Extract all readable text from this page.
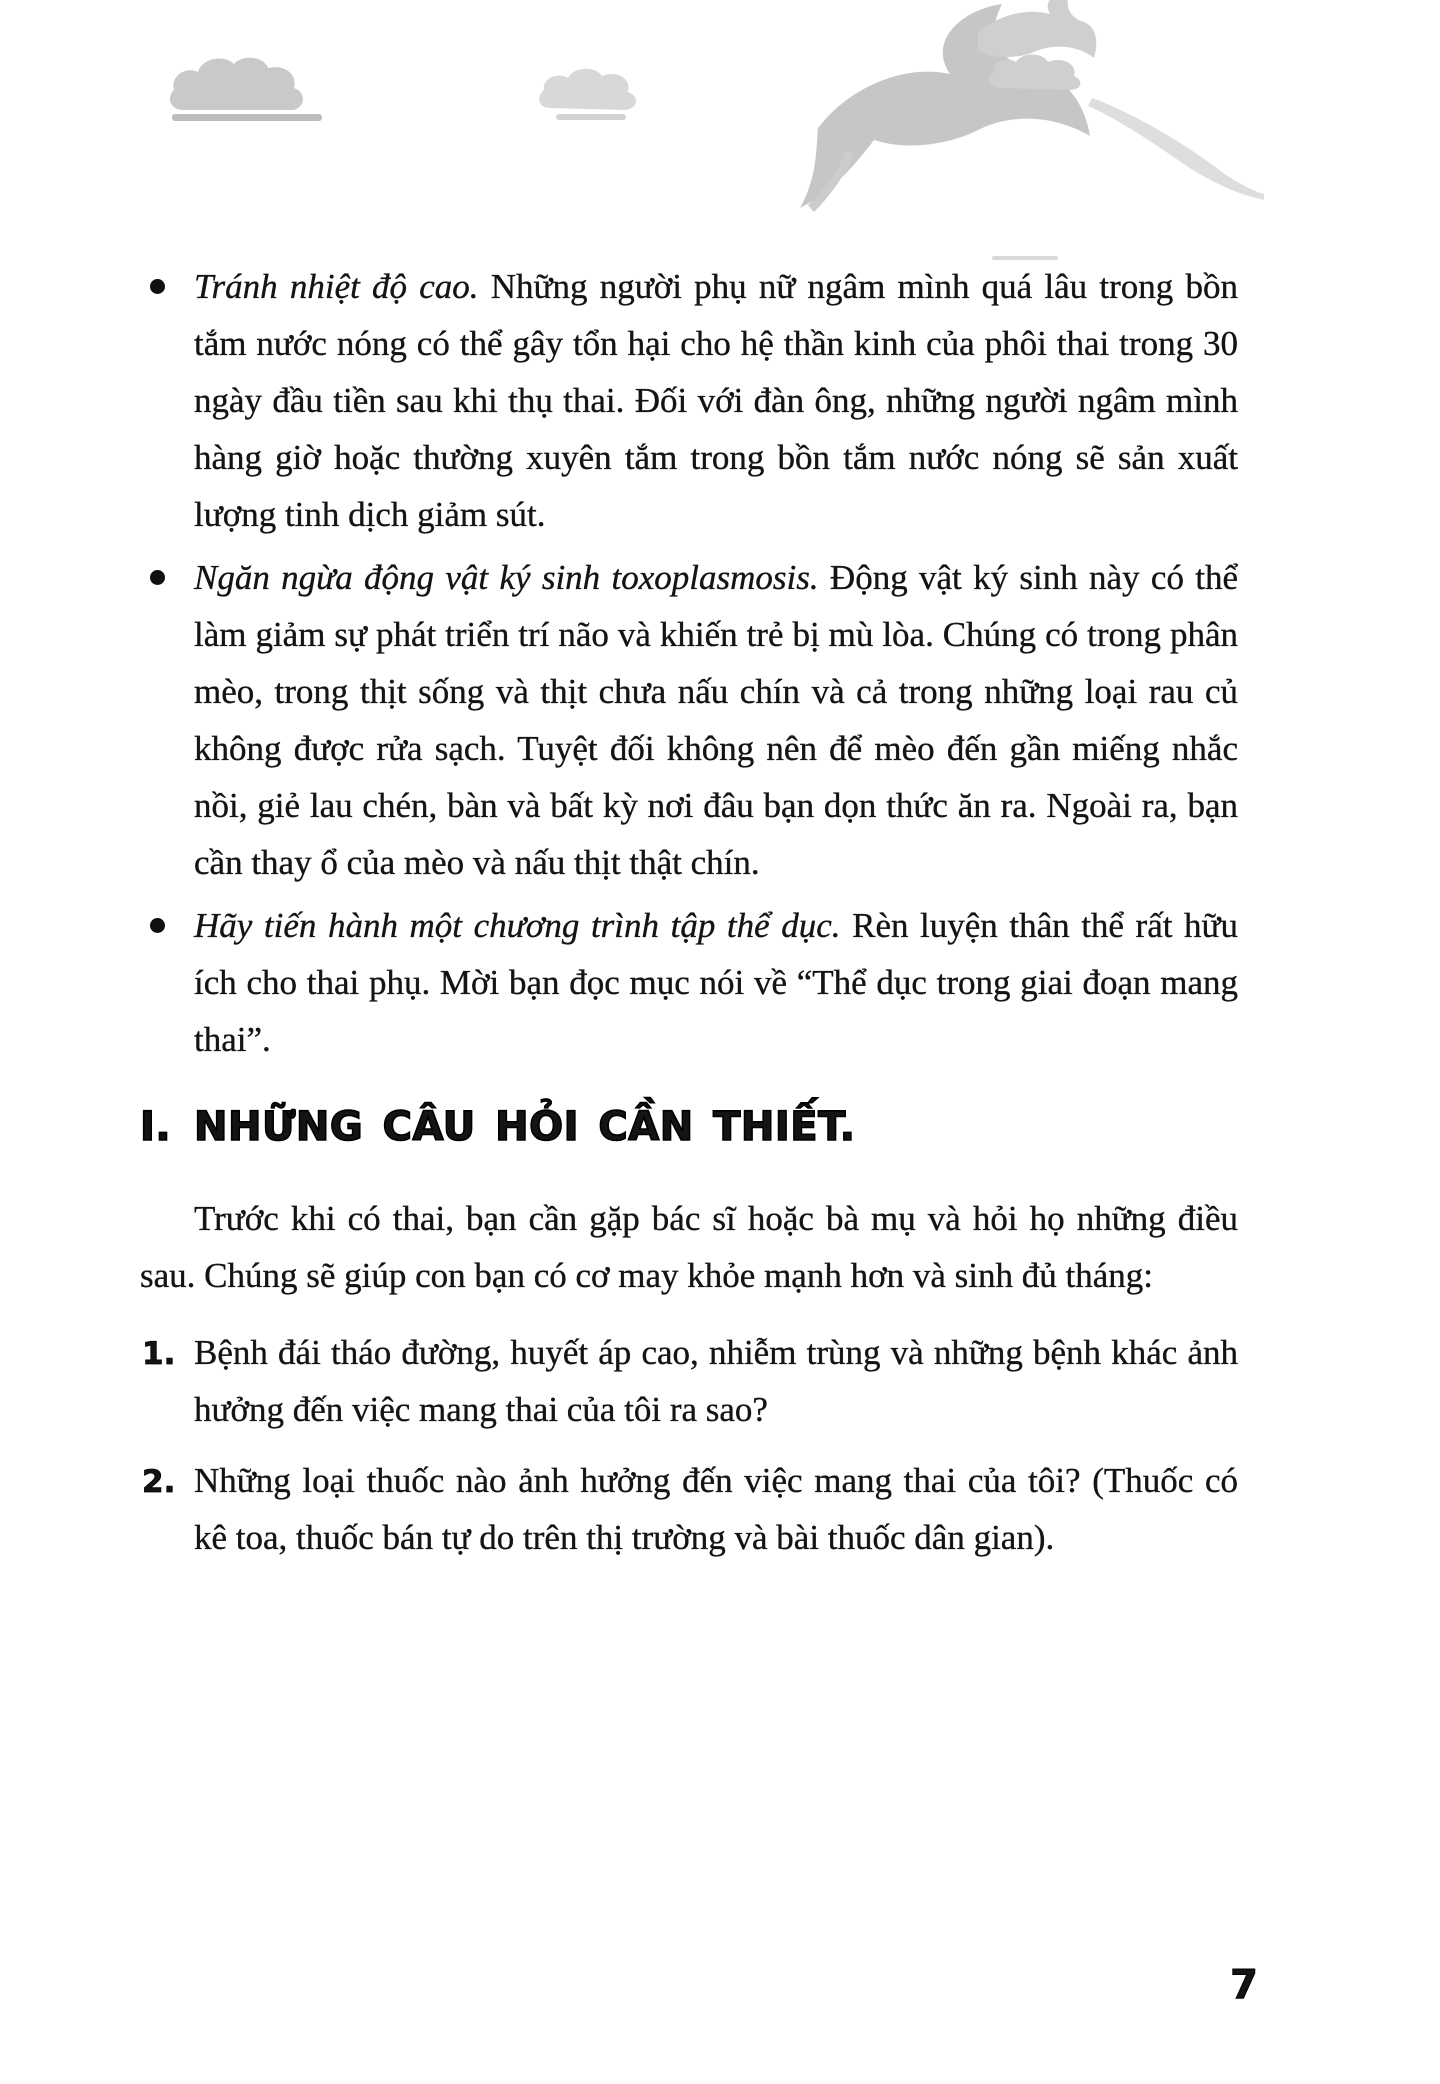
Tránh nhiệt độ cao. Những người phụ nữ ngâm mình quá lâu trong bồn tắm nước nóng có thể gây tổn hại cho hệ thần kinh của phôi thai trong 30 ngày đầu tiền sau khi thụ thai. Đối với đàn ông, những người ngâm mình hàng giờ hoặc thường xuyên tắm trong bồn tắm nước nóng sẽ sản xuất lượng tinh dịch giảm sút.
Ngăn ngừa động vật ký sinh toxoplasmosis. Động vật ký sinh này có thể làm giảm sự phát triển trí não và khiến trẻ bị mù lòa. Chúng có trong phân mèo, trong thịt sống và thịt chưa nấu chín và cả trong những loại rau củ không được rửa sạch. Tuyệt đối không nên để mèo đến gần miếng nhắc nồi, giẻ lau chén, bàn và bất kỳ nơi đâu bạn dọn thức ăn ra. Ngoài ra, bạn cần thay ổ của mèo và nấu thịt thật chín.
Hãy tiến hành một chương trình tập thể dục. Rèn luyện thân thể rất hữu ích cho thai phụ. Mời bạn đọc mục nói về “Thể dục trong giai đoạn mang thai”.
I. NHỮNG CÂU HỎI CẦN THIẾT.
Trước khi có thai, bạn cần gặp bác sĩ hoặc bà mụ và hỏi họ những điều sau. Chúng sẽ giúp con bạn có cơ may khỏe mạnh hơn và sinh đủ tháng:
1. Bệnh đái tháo đường, huyết áp cao, nhiễm trùng và những bệnh khác ảnh hưởng đến việc mang thai của tôi ra sao?
2. Những loại thuốc nào ảnh hưởng đến việc mang thai của tôi? (Thuốc có kê toa, thuốc bán tự do trên thị trường và bài thuốc dân gian).
7
